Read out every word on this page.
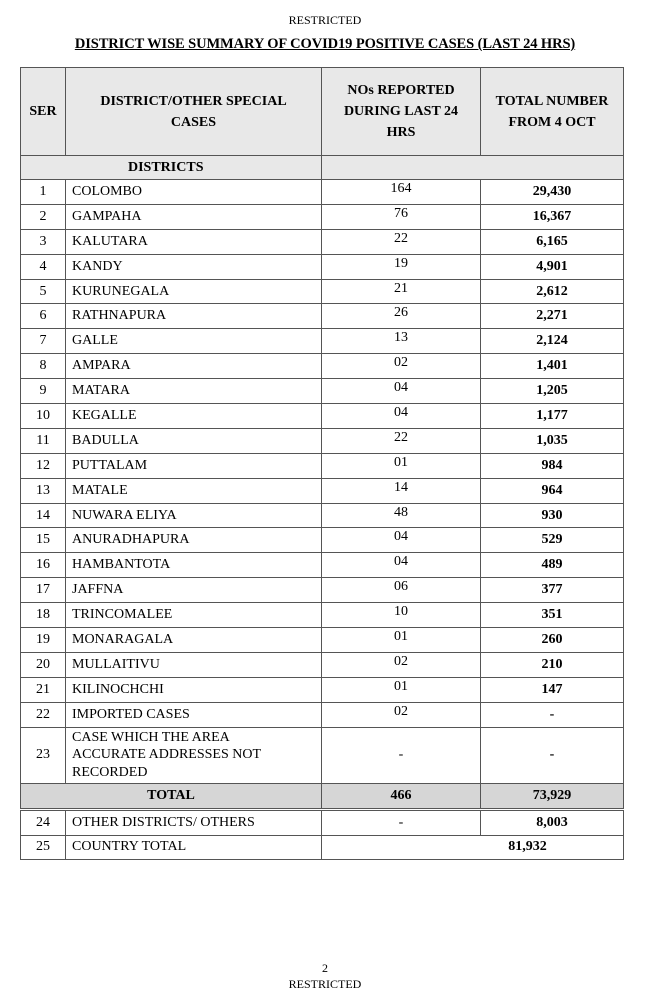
RESTRICTED
DISTRICT WISE SUMMARY OF COVID19 POSITIVE CASES (LAST 24 HRS)
SER	DISTRICT/OTHER SPECIAL CASES	NOs REPORTED DURING LAST 24 HRS	TOTAL NUMBER FROM 4 OCT
DISTRICTS			
1	COLOMBO	164	29,430
2	GAMPAHA	76	16,367
3	KALUTARA	22	6,165
4	KANDY	19	4,901
5	KURUNEGALA	21	2,612
6	RATHNAPURA	26	2,271
7	GALLE	13	2,124
8	AMPARA	02	1,401
9	MATARA	04	1,205
10	KEGALLE	04	1,177
11	BADULLA	22	1,035
12	PUTTALAM	01	984
13	MATALE	14	964
14	NUWARA ELIYA	48	930
15	ANURADHAPURA	04	529
16	HAMBANTOTA	04	489
17	JAFFNA	06	377
18	TRINCOMALEE	10	351
19	MONARAGALA	01	260
20	MULLAITIVU	02	210
21	KILINOCHCHI	01	147
22	IMPORTED CASES	02	-
23	CASE WHICH THE AREA
ACCURATE ADDRESSES NOT
RECORDED	-	-
TOTAL		466	73,929
24	OTHER DISTRICTS/ OTHERS	-	8,003
25	COUNTRY TOTAL	81,932	
2
RESTRICTED
